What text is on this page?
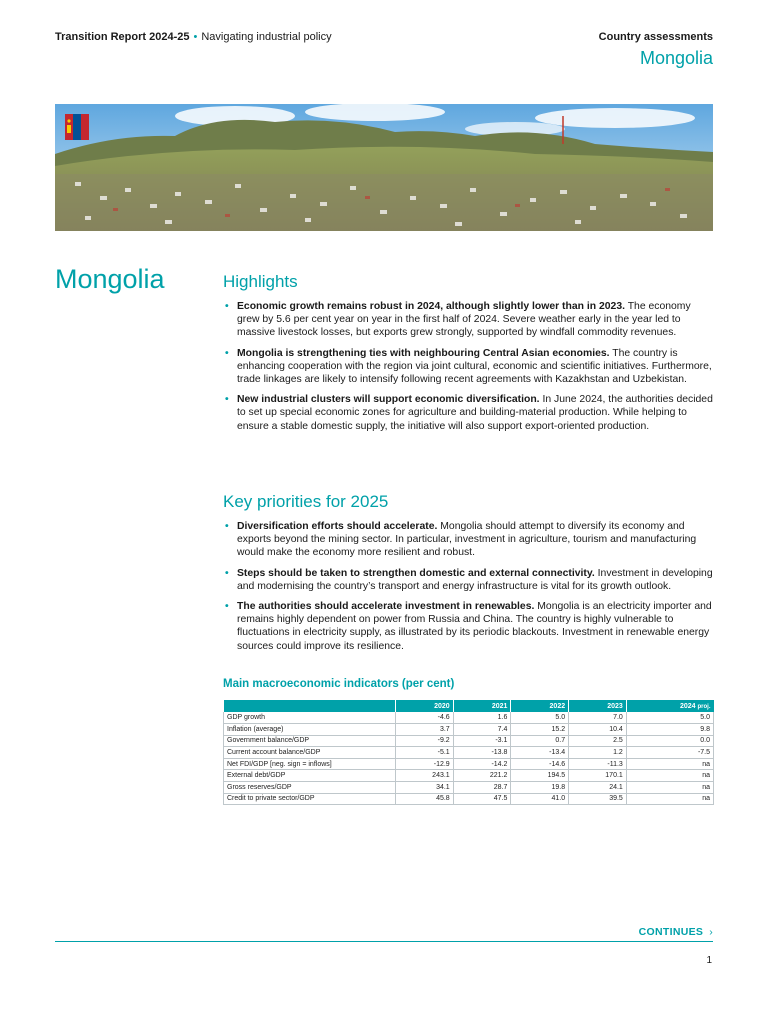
Transition Report 2024-25 • Navigating industrial policy	Country assessments
Mongolia
Mongolia	Highlights
• Economic growth remains robust in 2024, although slightly lower than in 2023. The economy grew by 5.6 per cent year on year in the first half of 2024. Severe weather early in the year led to massive livestock losses, but exports grew strongly, supported by windfall commodity revenues.
• Mongolia is strengthening ties with neighbouring Central Asian economies. The country is enhancing cooperation with the region via joint cultural, economic and scientific initiatives. Furthermore, trade linkages are likely to intensify following recent agreements with Kazakhstan and Uzbekistan.
• New industrial clusters will support economic diversification. In June 2024, the authorities decided to set up special economic zones for agriculture and building-material production. While helping to ensure a stable domestic supply, the initiative will also support export-oriented production.
Key priorities for 2025
• Diversification efforts should accelerate. Mongolia should attempt to diversify its economy and exports beyond the mining sector. In particular, investment in agriculture, tourism and manufacturing would make the economy more resilient and robust.
• Steps should be taken to strengthen domestic and external connectivity. Investment in developing and modernising the country’s transport and energy infrastructure is vital for its growth outlook.
• The authorities should accelerate investment in renewables. Mongolia is an electricity importer and remains highly dependent on power from Russia and China. The country is highly vulnerable to fluctuations in electricity supply, as illustrated by its periodic blackouts. Investment in renewable energy sources could improve its resilience.
Main macroeconomic indicators (per cent)
	2020	2021	2022	2023	2024 proj.
GDP growth	-4.6	1.6	5.0	7.0	5.0
Inflation (average)	3.7	7.4	15.2	10.4	9.8
Government balance/GDP	-9.2	-3.1	0.7	2.5	0.0
Current account balance/GDP	-5.1	-13.8	-13.4	1.2	-7.5
Net FDI/GDP [neg. sign = inflows]	-12.9	-14.2	-14.6	-11.3	na
External debt/GDP	243.1	221.2	194.5	170.1	na
Gross reserves/GDP	34.1	28.7	19.8	24.1	na
Credit to private sector/GDP	45.8	47.5	41.0	39.5	na
CONTINUES ›
1
